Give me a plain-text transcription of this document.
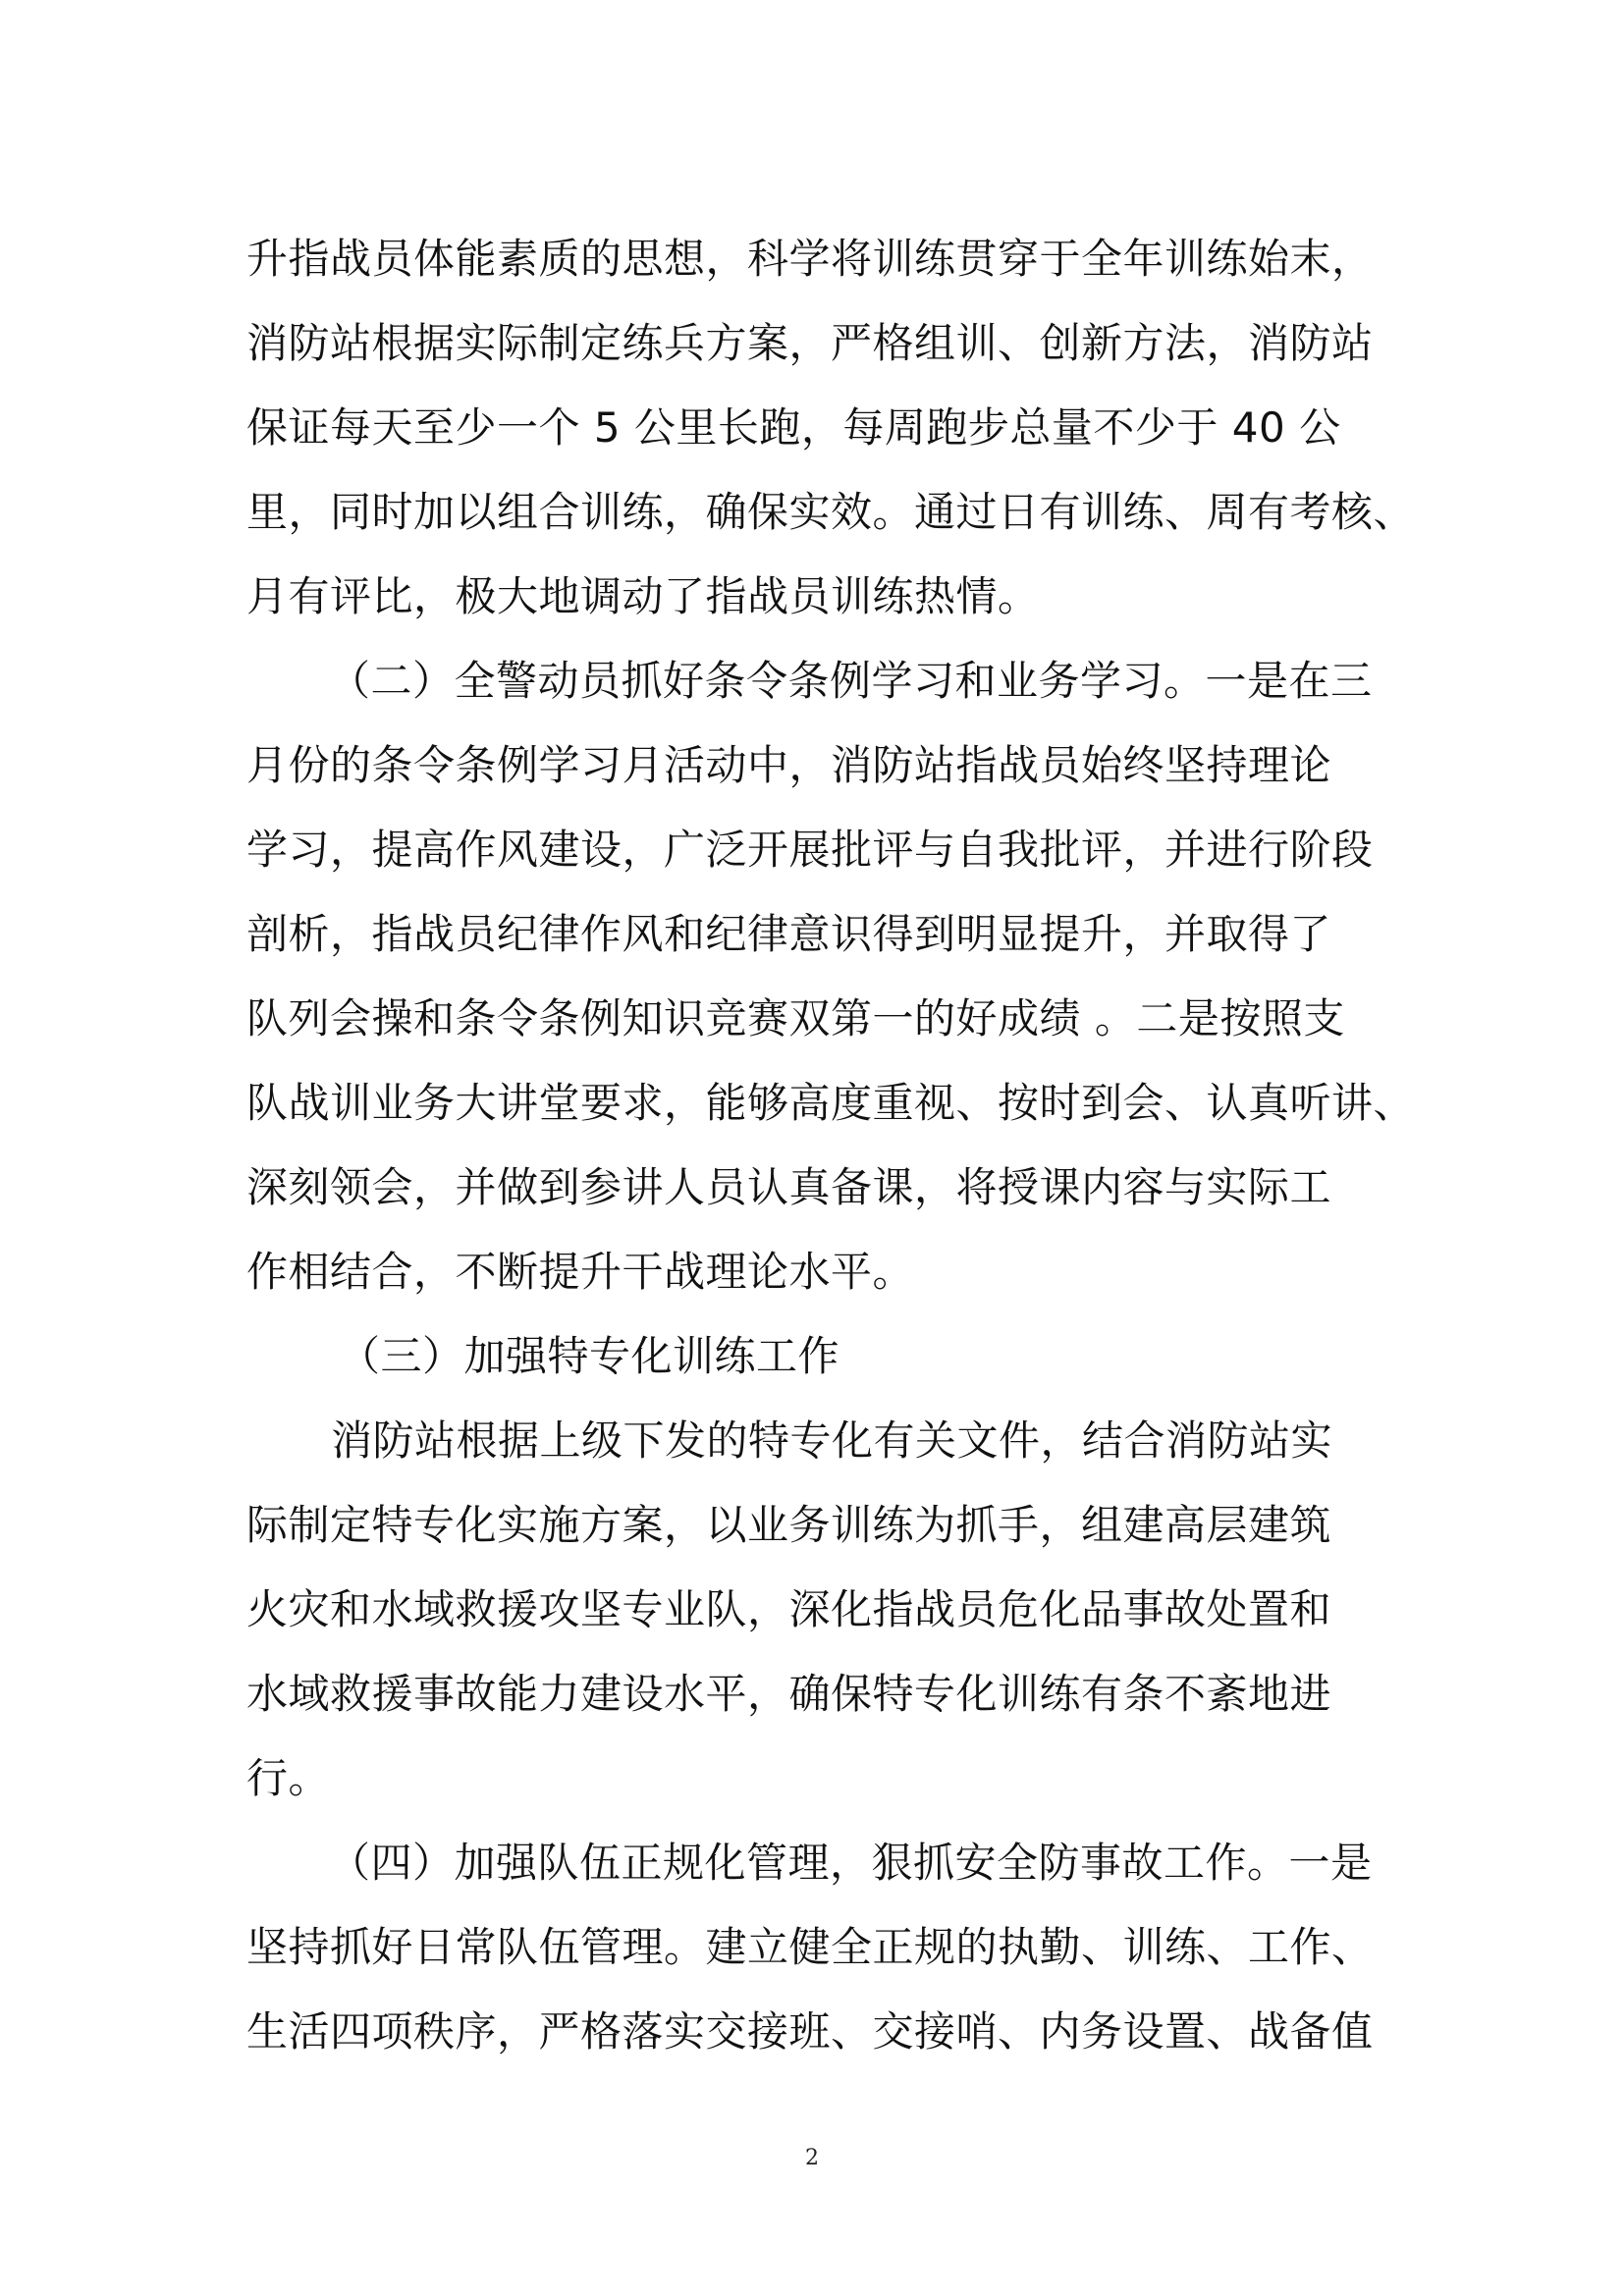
升指战员体能素质的思想，科学将训练贯穿于全年训练始末，
消防站根据实际制定练兵方案，严格组训、创新方法，消防站
保证每天至少一个 5 公里长跑，每周跑步总量不少于 40 公
里，同时加以组合训练，确保实效。通过日有训练、周有考核、
月有评比，极大地调动了指战员训练热情。
（二）全警动员抓好条令条例学习和业务学习。一是在三
月份的条令条例学习月活动中，消防站指战员始终坚持理论
学习，提高作风建设，广泛开展批评与自我批评，并进行阶段
剖析，指战员纪律作风和纪律意识得到明显提升，并取得了
队列会操和条令条例知识竞赛双第一的好成绩 。二是按照支
队战训业务大讲堂要求，能够高度重视、按时到会、认真听讲、
深刻领会，并做到参讲人员认真备课，将授课内容与实际工
作相结合，不断提升干战理论水平。
（三）加强特专化训练工作
消防站根据上级下发的特专化有关文件，结合消防站实
际制定特专化实施方案，以业务训练为抓手，组建高层建筑
火灾和水域救援攻坚专业队，深化指战员危化品事故处置和
水域救援事故能力建设水平，确保特专化训练有条不紊地进
行。
（四）加强队伍正规化管理，狠抓安全防事故工作。一是
坚持抓好日常队伍管理。建立健全正规的执勤、训练、工作、
生活四项秩序，严格落实交接班、交接哨、内务设置、战备值
2
